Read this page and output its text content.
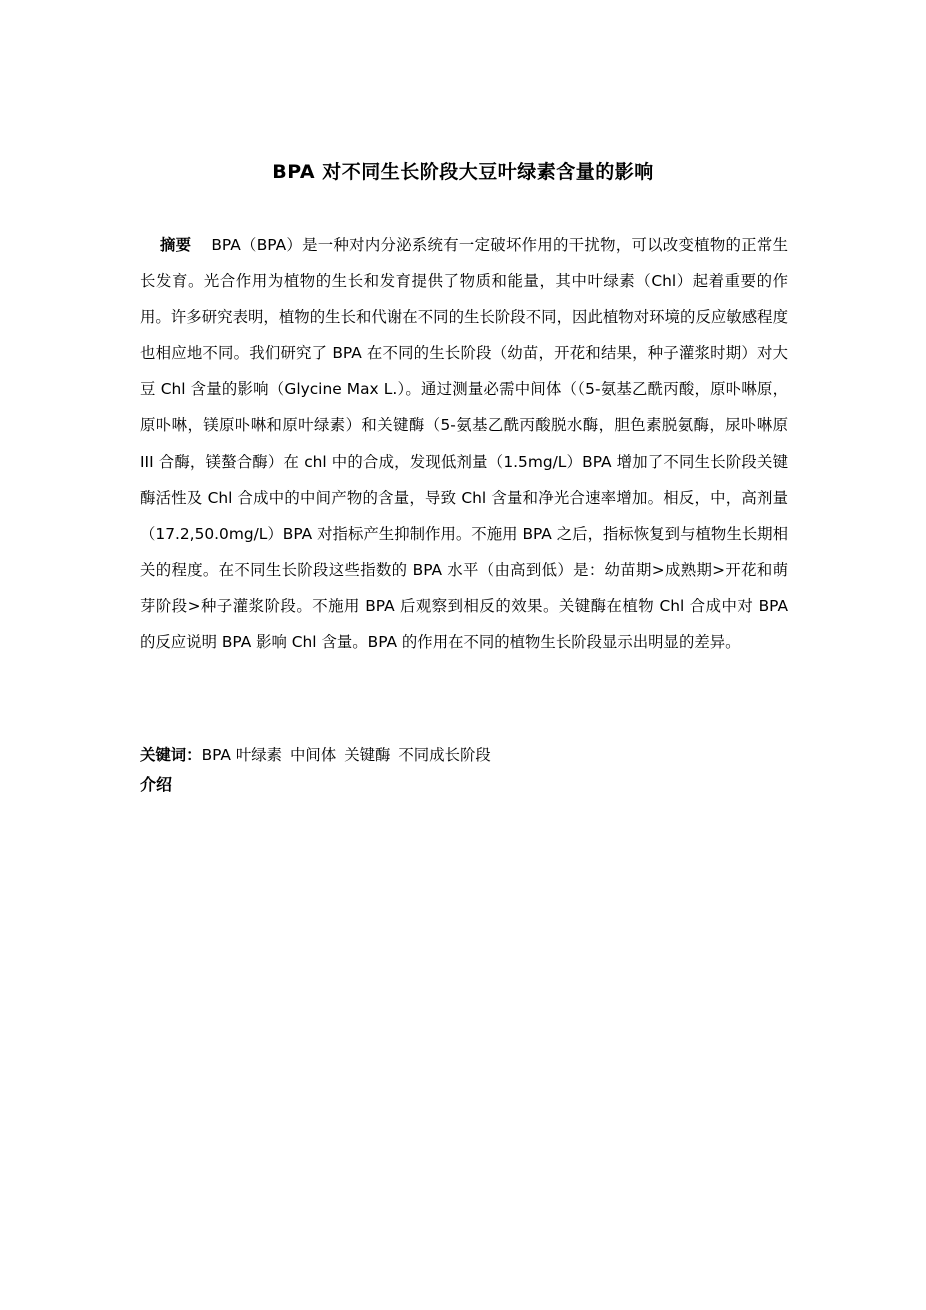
BPA 对不同生长阶段大豆叶绿素含量的影响

摘要 BPA（BPA）是一种对内分泌系统有一定破坏作用的干扰物，可以改变植物的正常生长发育。光合作用为植物的生长和发育提供了物质和能量，其中叶绿素（Chl）起着重要的作用。许多研究表明，植物的生长和代谢在不同的生长阶段不同，因此植物对环境的反应敏感程度也相应地不同。我们研究了 BPA 在不同的生长阶段（幼苗，开花和结果，种子灌浆时期）对大豆 Chl 含量的影响（Glycine Max L.）。通过测量必需中间体（（5-氨基乙酰丙酸，原卟啉原，原卟啉，镁原卟啉和原叶绿素）和关键酶（5-氨基乙酰丙酸脱水酶，胆色素脱氨酶，尿卟啉原 III 合酶，镁螯合酶）在 chl 中的合成，发现低剂量（1.5mg/L）BPA 增加了不同生长阶段关键酶活性及 Chl 合成中的中间产物的含量，导致 Chl 含量和净光合速率增加。相反，中，高剂量（17.2,50.0mg/L）BPA 对指标产生抑制作用。不施用 BPA 之后，指标恢复到与植物生长期相关的程度。在不同生长阶段这些指数的 BPA 水平（由高到低）是：幼苗期>成熟期>开花和萌芽阶段>种子灌浆阶段。不施用 BPA 后观察到相反的效果。关键酶在植物 Chl 合成中对 BPA 的反应说明 BPA 影响 Chl 含量。BPA 的作用在不同的植物生长阶段显示出明显的差异。

关键词：BPA 叶绿素 中间体 关键酶 不同成长阶段

介绍
